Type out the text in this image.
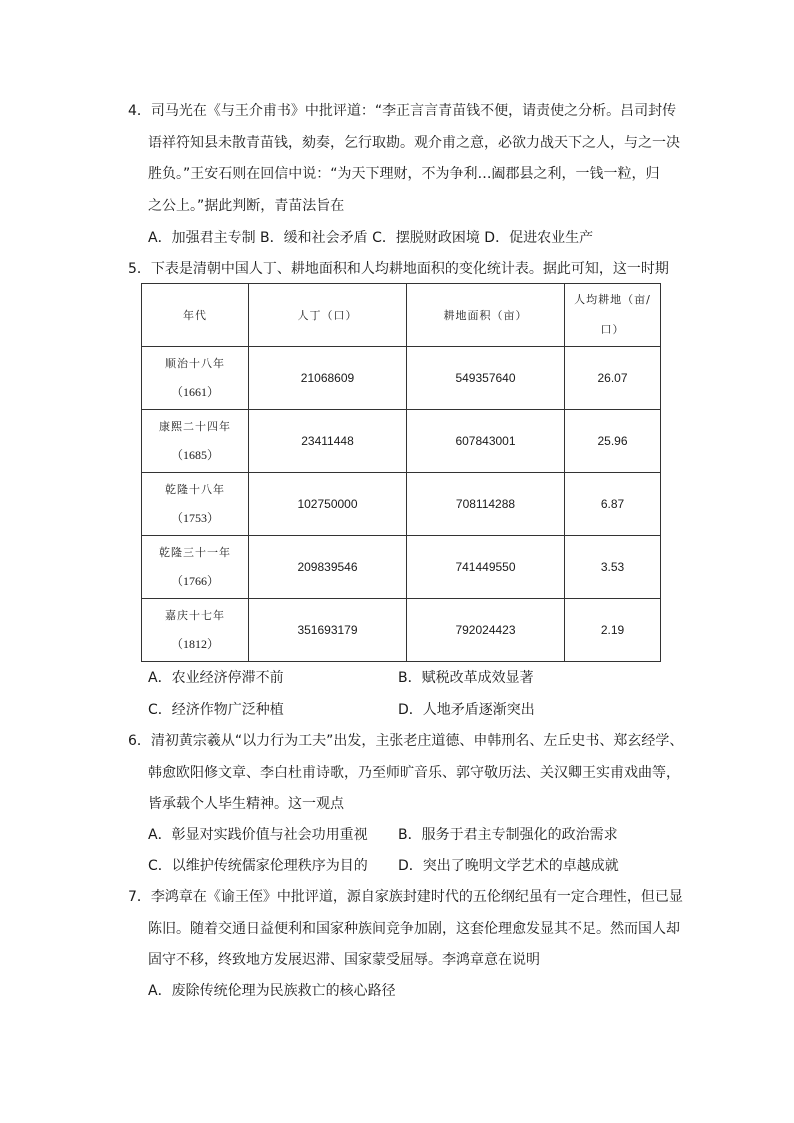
4．司马光在《与王介甫书》中批评道：“李正言言青苗钱不便，请责使之分析。吕司封传
语祥符知县未散青苗钱，劾奏，乞行取勘。观介甫之意，必欲力战天下之人，与之一决
胜负。”王安石则在回信中说：“为天下理财，不为争利…阖郡县之利，一钱一粒，归
之公上。”据此判断，青苗法旨在
A．加强君主专制 B．缓和社会矛盾 C．摆脱财政困境 D．促进农业生产
5．下表是清朝中国人丁、耕地面积和人均耕地面积的变化统计表。据此可知，这一时期
年代	人丁（口）	耕地面积（亩）	人均耕地（亩/
口）

顺治十八年
（1661）	21068609	549357640	26.07

康熙二十四年
（1685）	23411448	607843001	25.96

乾隆十八年
（1753）	102750000	708114288	6.87

乾隆三十一年
（1766）	209839546	741449550	3.53

嘉庆十七年
（1812）	351693179	792024423	2.19
A．农业经济停滞不前	B．赋税改革成效显著
C．经济作物广泛种植	D．人地矛盾逐渐突出
6．清初黄宗羲从“以力行为工夫”出发，主张老庄道德、申韩刑名、左丘史书、郑玄经学、
韩愈欧阳修文章、李白杜甫诗歌，乃至师旷音乐、郭守敬历法、关汉卿王实甫戏曲等，
皆承载个人毕生精神。这一观点
A．彰显对实践价值与社会功用重视 B．服务于君主专制强化的政治需求
C．以维护传统儒家伦理秩序为目的 D．突出了晚明文学艺术的卓越成就
7．李鸿章在《谕王侄》中批评道，源自家族封建时代的五伦纲纪虽有一定合理性，但已显
陈旧。随着交通日益便利和国家种族间竞争加剧，这套伦理愈发显其不足。然而国人却
固守不移，终致地方发展迟滞、国家蒙受屈辱。李鸿章意在说明
A．废除传统伦理为民族救亡的核心路径
